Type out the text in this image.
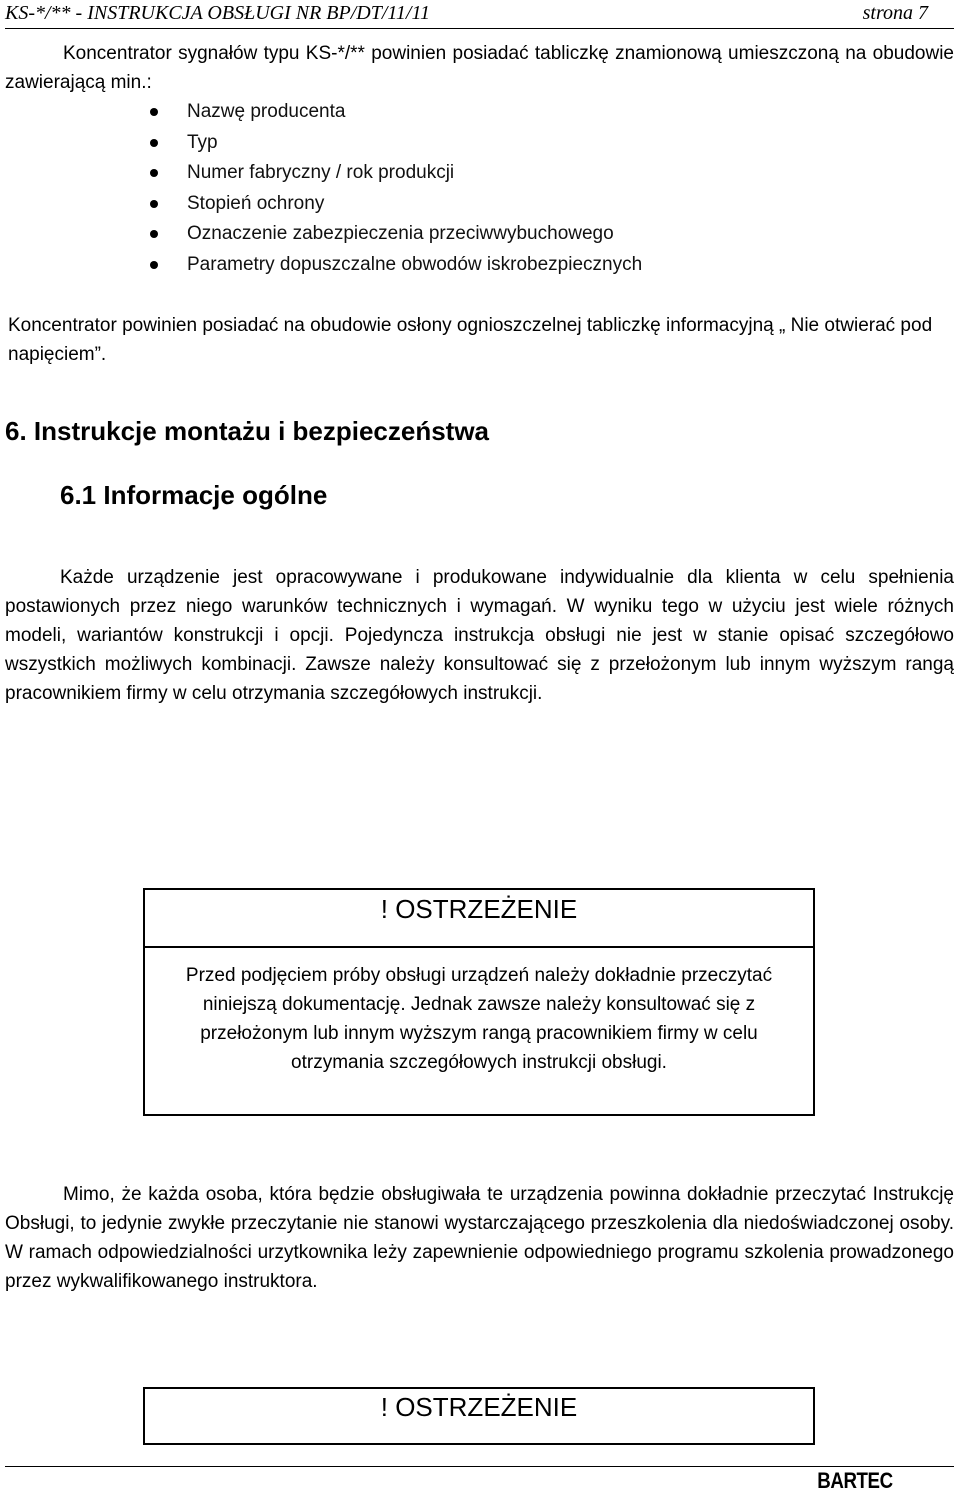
KS-*/** - INSTRUKCJA OBSŁUGI NR BP/DT/11/11	strona 7
Koncentrator sygnałów typu KS-*/** powinien posiadać tabliczkę znamionową umieszczoną na obudowie zawierającą min.:
Nazwę producenta
Typ
Numer fabryczny / rok produkcji
Stopień ochrony
Oznaczenie zabezpieczenia przeciwwybuchowego
Parametry dopuszczalne obwodów iskrobezpiecznych
Koncentrator powinien posiadać na obudowie osłony ognioszczelnej tabliczkę informacyjną „ Nie otwierać pod napięciem”.
6. Instrukcje montażu i bezpieczeństwa
6.1 Informacje ogólne
Każde urządzenie jest opracowywane i produkowane indywidualnie dla klienta w celu spełnienia postawionych przez niego warunków technicznych i wymagań. W wyniku tego w użyciu jest wiele różnych modeli, wariantów konstrukcji i opcji. Pojedyncza instrukcja obsługi nie jest w stanie opisać szczegółowo wszystkich możliwych kombinacji. Zawsze należy konsultować się z przełożonym lub innym wyższym rangą pracownikiem firmy w celu otrzymania szczegółowych instrukcji.
! OSTRZEŻENIE
Przed podjęciem próby obsługi urządzeń należy dokładnie przeczytać niniejszą dokumentację. Jednak zawsze należy konsultować się z przełożonym lub innym wyższym rangą pracownikiem firmy w celu otrzymania szczegółowych instrukcji obsługi.
Mimo, że każda osoba, która będzie obsługiwała te urządzenia powinna dokładnie przeczytać Instrukcję Obsługi, to jedynie zwykłe przeczytanie nie stanowi wystarczającego przeszkolenia dla niedoświadczonej osoby. W ramach odpowiedzialności urzytkownika leży zapewnienie odpowiedniego programu szkolenia prowadzonego przez wykwalifikowanego instruktora.
! OSTRZEŻENIE
BARTEC
